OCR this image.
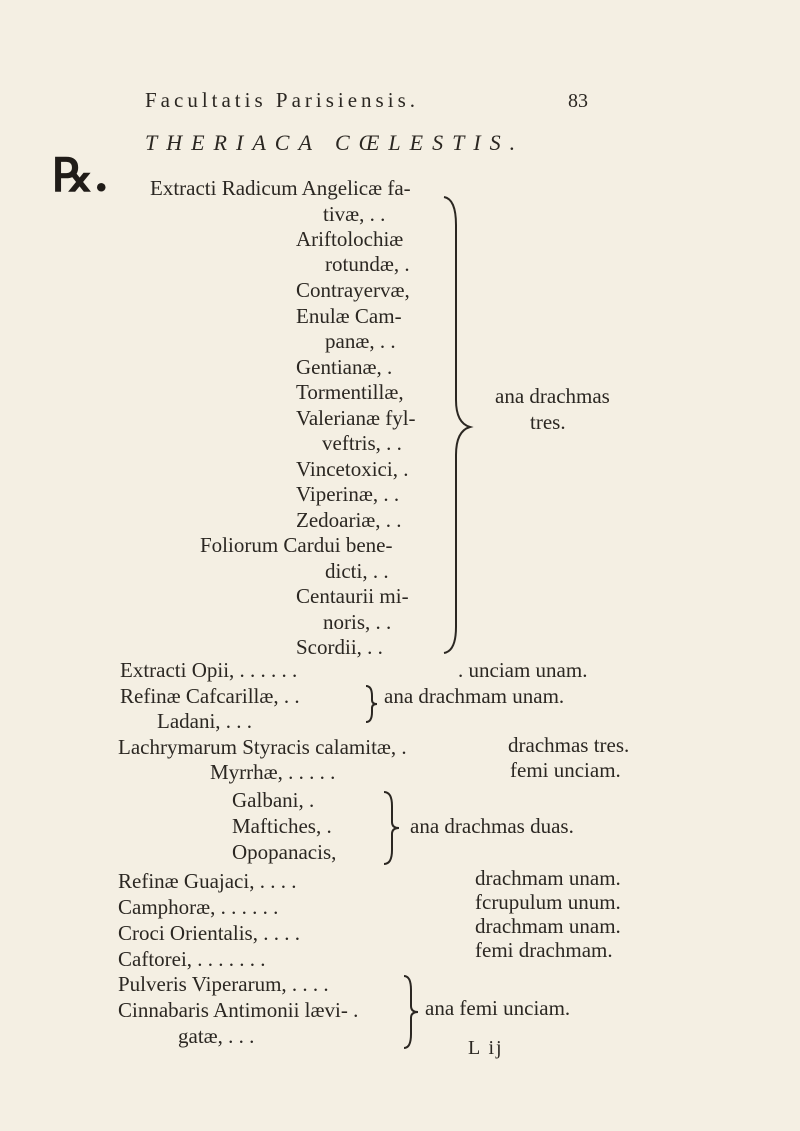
Facultatis Parisiensis.	83
THERIACA CŒLESTIS.
℞. Extracti Radicum Angelicæ fa-
tivæ, . .
Ariftolochiæ
rotundæ, .
Contrayervæ,
Enulæ Cam-
panæ, . .
Gentianæ, .
Tormentillæ,
Valerianæ fyl-
veftris, . .
Vincetoxici, .
Viperinæ, . .
Zedoariæ, . .
Foliorum Cardui bene-
dicti, . .
Centaurii mi-
noris, . .
Scordii, . .
ana drachmas
tres.
Extracti Opii, . . . . . .	. unciam unam.
Refinæ Cafcarillæ, . .	ana drachmam unam.
Ladani, . . .
Lachrymarum Styracis calamitæ, .	drachmas tres.
Myrrhæ, . . . . .	femi unciam.
Galbani, .
Maftiches, .
Opopanacis,
ana drachmas duas.
Refinæ Guajaci, . . . .	drachmam unam.
Camphoræ, . . . . . .	fcrupulum unum.
Croci Orientalis, . . . .	drachmam unam.
Caftorei, . . . . . . .	femi drachmam.
Pulveris Viperarum, . . . .
Cinnabaris Antimonii lævi- .
gatæ, . . .
ana femi unciam.
L ij
